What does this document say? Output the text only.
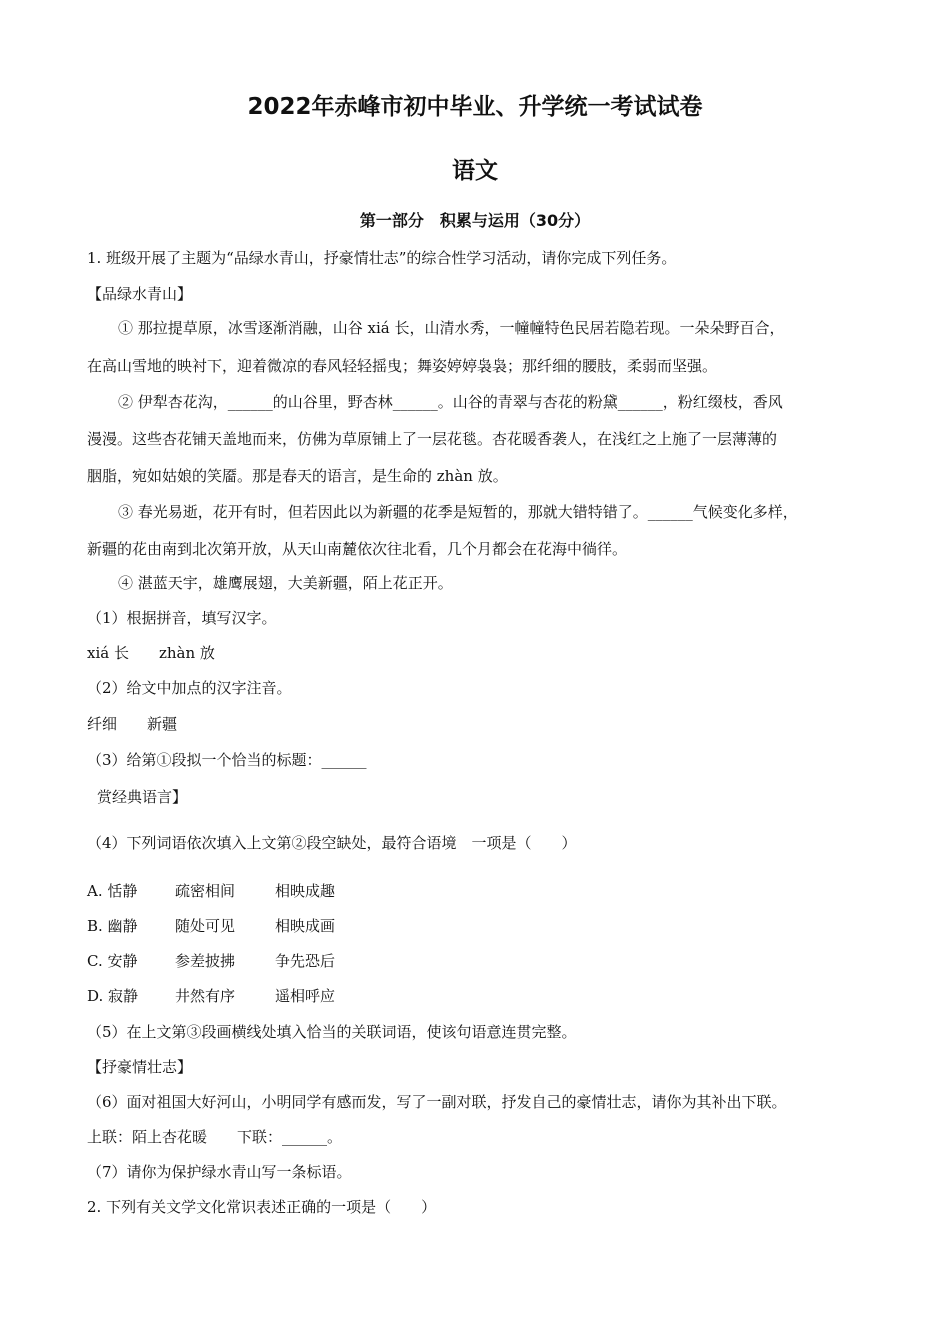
2022年赤峰市初中毕业、升学统一考试试卷
语文
第一部分　积累与运用（30分）
1. 班级开展了主题为“品绿水青山，抒豪情壮志”的综合性学习活动，请你完成下列任务。
【品绿水青山】
① 那拉提草原，冰雪逐渐消融，山谷 xiá 长，山清水秀，一幢幢特色民居若隐若现。一朵朵野百合，
在高山雪地的映衬下，迎着微凉的春风轻轻摇曳；舞姿婷婷袅袅；那纤细的腰肢，柔弱而坚强。
② 伊犁杏花沟，______的山谷里，野杏林______。山谷的青翠与杏花的粉黛______，粉红缀枝，香风
漫漫。这些杏花铺天盖地而来，仿佛为草原铺上了一层花毯。杏花暖香袭人，在浅红之上施了一层薄薄的
胭脂，宛如姑娘的笑靥。那是春天的语言，是生命的 zhàn 放。
③ 春光易逝，花开有时，但若因此以为新疆的花季是短暂的，那就大错特错了。______气候变化多样，
新疆的花由南到北次第开放，从天山南麓依次往北看，几个月都会在花海中徜徉。
④ 湛蓝天宇，雄鹰展翅，大美新疆，陌上花正开。
（1）根据拼音，填写汉字。
xiá 长 zhàn 放
（2）给文中加点的汉字注音。
纤细 新疆
（3）给第①段拟一个恰当的标题：______
赏经典语言】
（4）下列词语依次填入上文第②段空缺处，最符合语境　一项是（　　）
A. 恬静	疏密相间	相映成趣
B. 幽静 随处可见	相映成画
C. 安静	参差披拂	争先恐后
D. 寂静 井然有序	遥相呼应
（5）在上文第③段画横线处填入恰当的关联词语，使该句语意连贯完整。
【抒豪情壮志】
（6）面对祖国大好河山，小明同学有感而发，写了一副对联，抒发自己的豪情壮志，请你为其补出下联。
上联：陌上杏花暖 下联：______。
（7）请你为保护绿水青山写一条标语。
2. 下列有关文学文化常识表述正确的一项是（　　）
